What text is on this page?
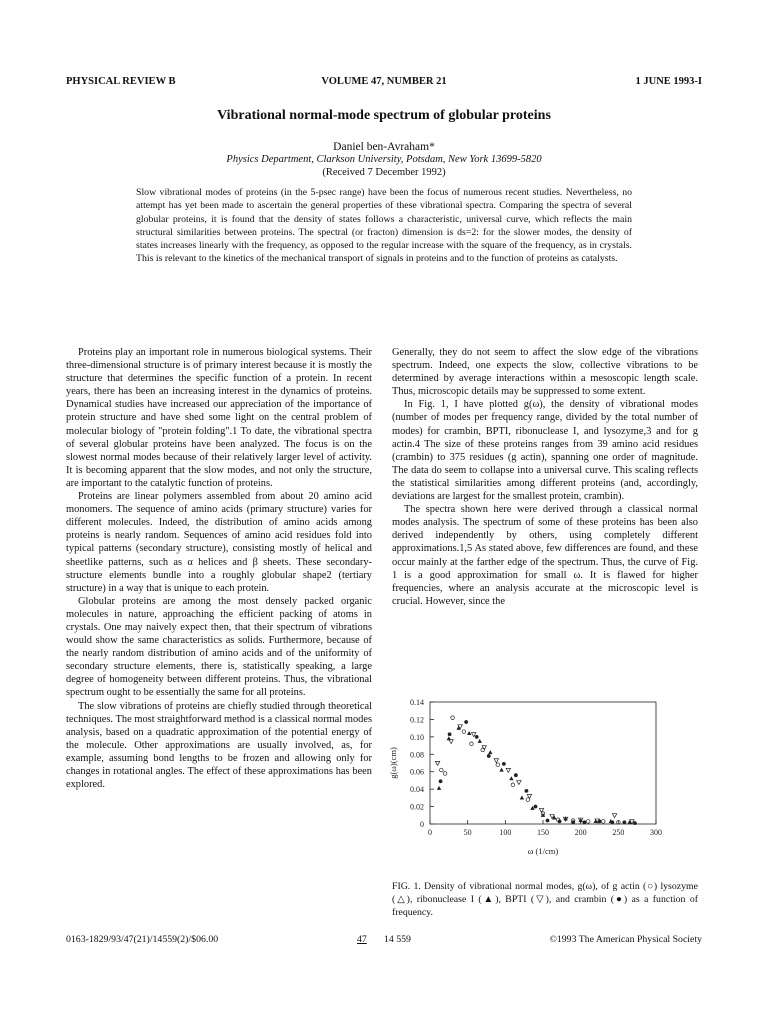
PHYSICAL REVIEW B	VOLUME 47, NUMBER 21	1 JUNE 1993-I
Vibrational normal-mode spectrum of globular proteins
Daniel ben-Avraham*
Physics Department, Clarkson University, Potsdam, New York 13699-5820
(Received 7 December 1992)
Slow vibrational modes of proteins (in the 5-psec range) have been the focus of numerous recent studies. Nevertheless, no attempt has yet been made to ascertain the general properties of these vibrational spectra. Comparing the spectra of several globular proteins, it is found that the density of states follows a characteristic, universal curve, which reflects the main structural similarities between proteins. The spectral (or fracton) dimension is ds=2: for the slower modes, the density of states increases linearly with the frequency, as opposed to the regular increase with the square of the frequency, as in crystals. This is relevant to the kinetics of the mechanical transport of signals in proteins and to the function of proteins as catalysts.

Proteins play an important role in numerous biological systems. Their three-dimensional structure is of primary interest because it is mostly the structure that determines the specific function of a protein. In recent years, there has been an increasing interest in the dynamics of proteins. Dynamical studies have increased our appreciation of the importance of protein structure and have shed some light on the central problem of molecular biology of "protein folding".1 To date, the vibrational spectra of several globular proteins have been analyzed. The focus is on the slowest normal modes because of their relatively larger level of activity. It is becoming apparent that the slow modes, and not only the structure, are important to the catalytic function of proteins.

Proteins are linear polymers assembled from about 20 amino acid monomers. The sequence of amino acids (primary structure) varies for different molecules. Indeed, the distribution of amino acids among proteins is nearly random. Sequences of amino acid residues fold into typical patterns (secondary structure), consisting mostly of helical and sheetlike patterns, such as α helices and β sheets. These secondary-structure elements bundle into a roughly globular shape2 (tertiary structure) in a way that is unique to each protein.

Globular proteins are among the most densely packed organic molecules in nature, approaching the efficient packing of atoms in crystals. One may naively expect then, that their spectrum of vibrations would show the same characteristics as solids. Furthermore, because of the nearly random distribution of amino acids and of the uniformity of secondary structure elements, there is, statistically speaking, a large degree of homogeneity between different proteins. Thus, the vibrational spectrum ought to be essentially the same for all proteins.

The slow vibrations of proteins are chiefly studied through theoretical techniques. The most straightforward method is a classical normal modes analysis, based on a quadratic approximation of the potential energy of the molecule. Other approximations are usually involved, as, for example, assuming bond lengths to be frozen and allowing only for changes in rotational angles. The effect of these approximations has been explored.

Generally, they do not seem to affect the slow edge of the vibrations spectrum. Indeed, one expects the slow, collective vibrations to be determined by average interactions within a mesoscopic length scale. Thus, microscopic details may be suppressed to some extent.

In Fig. 1, I have plotted g(ω), the density of vibrational modes (number of modes per frequency range, divided by the total number of modes) for crambin, BPTI, ribonuclease I, and lysozyme,3 and for g actin.4 The size of these proteins ranges from 39 amino acid residues (crambin) to 375 residues (g actin), spanning one order of magnitude. The data do seem to collapse into a universal curve. This scaling reflects the statistical similarities among different proteins (and, accordingly, deviations are largest for the smallest protein, crambin).

The spectra shown here were derived through a classical normal modes analysis. The spectrum of some of these proteins has been also derived independently by others, using completely different approximations.1,5 As stated above, few differences are found, and these occur mainly at the farther edge of the spectrum. Thus, the curve of Fig. 1 is a good approximation for small ω. It is flawed for higher frequencies, where an analysis accurate at the microscopic level is crucial. However, since the

0	50	100	150	200	250	300
0
0.02
0.04
0.06
0.08
0.10
0.12
0.14
ω (1/cm)
g(ω)(cm)
FIG. 1. Density of vibrational normal modes, g(ω), of g actin (○) lysozyme (△), ribonuclease I (▲), BPTI (▽), and crambin (●) as a function of frequency.
0163-1829/93/47(21)/14559(2)/$06.00	47 14 559	©1993 The American Physical Society
